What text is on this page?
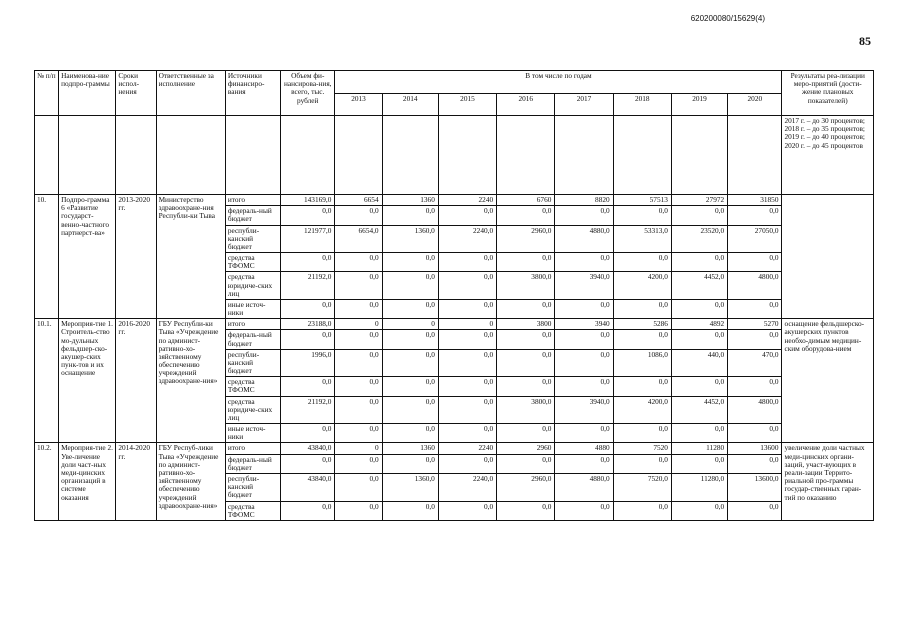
620200080/15629(4)
85
№ п/п	Наименова-ние подпро-граммы	Сроки испол-нения	Ответственные за исполнение	Источники финансиро-вания	Объем фи-нансирова-ния, всего, тыс. рублей	В том числе по годам								Результаты реа-лизации меро-приятий (дости-жение плановых показателей)
						2013	2014	2015	2016	2017	2018	2019	2020	
														2017 г. – до 30 процентов; 2018 г. – до 35 процентов; 2019 г. – до 40 процентов; 2020 г. – до 45 процентов
10.	Подпро-грамма 6 «Развитие государст-венно-частного партнерст-ва»	2013-2020 гг.	Министерство здравоохране-ния Республи-ки Тыва	итого	143169,0	6654	1360	2240	6760	8820	57513	27972	31850	
				федераль-ный бюджет	0,0	0,0	0,0	0,0	0,0	0,0	0,0	0,0	0,0	
				республи-канский бюджет	121977,0	6654,0	1360,0	2240,0	2960,0	4880,0	53313,0	23520,0	27050,0	
				средства ТФОМС	0,0	0,0	0,0	0,0	0,0	0,0	0,0	0,0	0,0	
				средства юридиче-ских лиц	21192,0	0,0	0,0	0,0	3800,0	3940,0	4200,0	4452,0	4800,0	
				иные источ-ники	0,0	0,0	0,0	0,0	0,0	0,0	0,0	0,0	0,0	
10.1.	Мероприя-тие 1. Строитель-ство мо-дульных фельдшер-ско-акушер-ских пунк-тов и их оснащение	2016-2020 гг.	ГБУ Республи-ки Тыва «Учреждение по админист-ративно-хо-зяйственному обеспечению учреждений здравоохране-ния»	итого	23188,0	0	0	0	3800	3940	5286	4892	5270	оснащение фельдшерско-акушерских пунктов необхо-димым медицин-ским оборудова-нием
				федераль-ный бюджет	0,0	0,0	0,0	0,0	0,0	0,0	0,0	0,0	0,0	
				республи-канский бюджет	1996,0	0,0	0,0	0,0	0,0	0,0	1086,0	440,0	470,0	
				средства ТФОМС	0,0	0,0	0,0	0,0	0,0	0,0	0,0	0,0	0,0	
				средства юридиче-ских лиц	21192,0	0,0	0,0	0,0	3800,0	3940,0	4200,0	4452,0	4800,0	
				иные источ-ники	0,0	0,0	0,0	0,0	0,0	0,0	0,0	0,0	0,0	
10.2.	Мероприя-тие 2. Уве-личение доли част-ных меди-цинских организаций в системе оказания	2014-2020 гг.	ГБУ Респуб-лики Тыва «Учреждение по админист-ративно-хо-зяйственному обеспечению учреждений здравоохране-ния»	итого	43840,0	0	1360	2240	2960	4880	7520	11280	13600	увеличение доли частных меди-цинских органи-заций, участ-вующих в реали-зации Террито-риальной про-граммы государ-ственных гаран-тий по оказанию
				федераль-ный бюджет	0,0	0,0	0,0	0,0	0,0	0,0	0,0	0,0	0,0	
				республи-канский бюджет	43840,0	0,0	1360,0	2240,0	2960,0	4880,0	7520,0	11280,0	13600,0	
				средства ТФОМС	0,0	0,0	0,0	0,0	0,0	0,0	0,0	0,0	0,0	
